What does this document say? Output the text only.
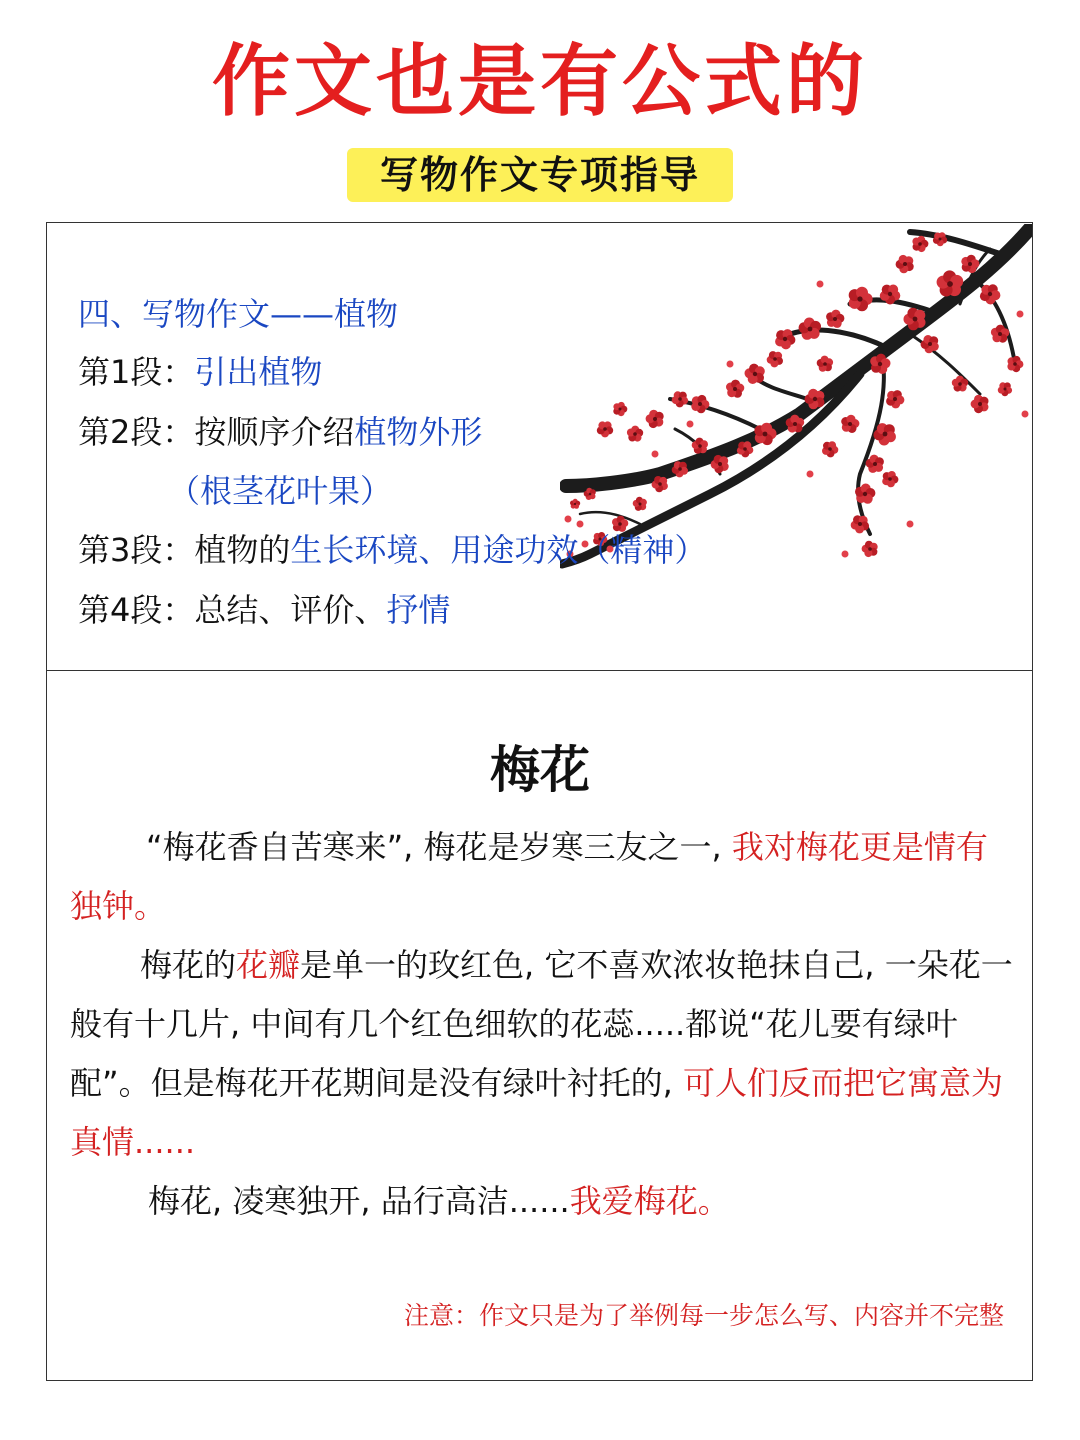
作文也是有公式的
写物作文专项指导
四、写物作文——植物
第1段：引出植物
第2段：按顺序介绍植物外形
（根茎花叶果）
第3段：植物的生长环境、用途功效（精神）
第4段：总结、评价、抒情
梅花

“梅花香自苦寒来”, 梅花是岁寒三友之一, 我对梅花更是情有独钟。

梅花的花瓣是单一的玫红色, 它不喜欢浓妆艳抹自己, 一朵花一般有十几片, 中间有几个红色细软的花蕊.....都说“花儿要有绿叶配”。但是梅花开花期间是没有绿叶衬托的, 可人们反而把它寓意为真情......

梅花, 凌寒独开, 品行高洁......我爱梅花。

注意：作文只是为了举例每一步怎么写、内容并不完整
